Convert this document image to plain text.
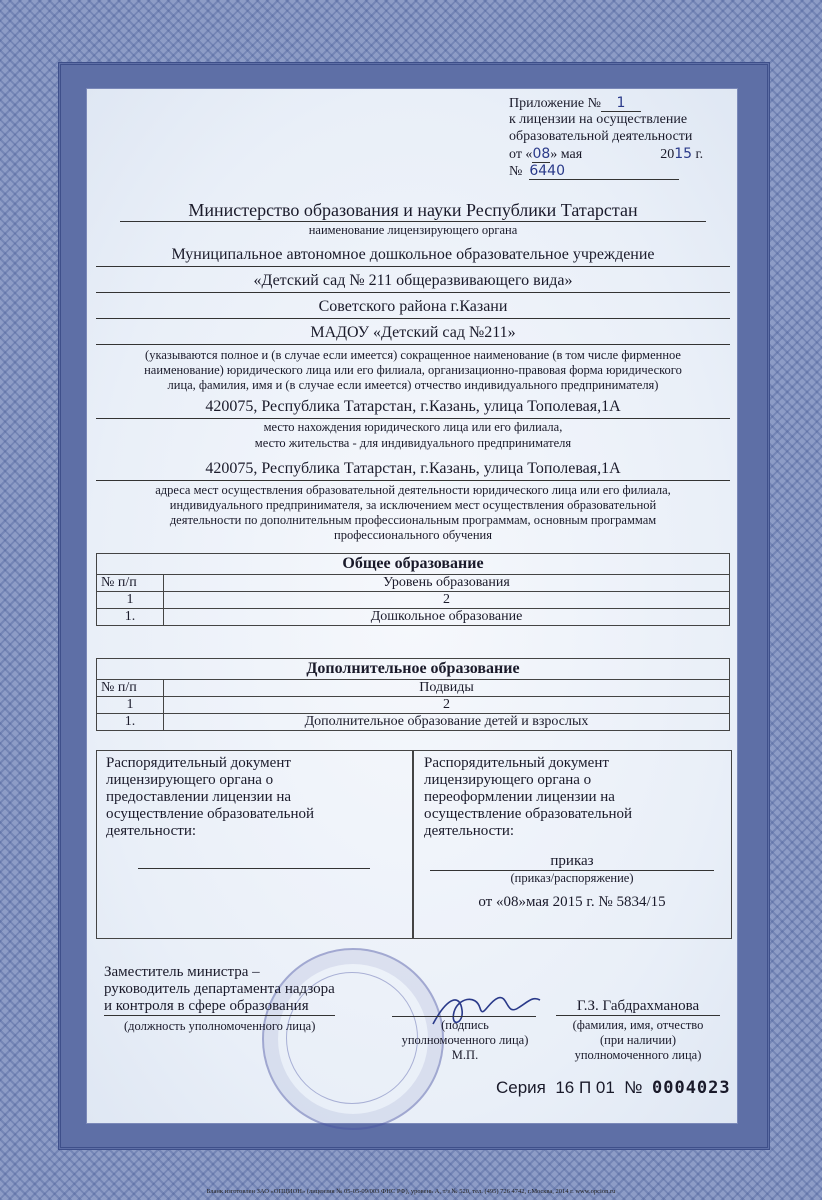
Приложение № 1
к лицензии на осуществление
образовательной деятельности
от «08» мая	2015 г.
№ 6440
Министерство образования и науки Республики Татарстан
наименование лицензирующего органа
Муниципальное автономное дошкольное образовательное учреждение
«Детский сад № 211 общеразвивающего вида»
Советского района г.Казани
МАДОУ «Детский сад №211»
(указываются полное и (в случае если имеется) сокращенное наименование (в том числе фирменное
наименование) юридического лица или его филиала, организационно-правовая форма юридического
лица, фамилия, имя и (в случае если имеется) отчество индивидуального предпринимателя)
420075, Республика Татарстан, г.Казань, улица Тополевая,1А
место нахождения юридического лица или его филиала,
место жительства - для индивидуального предпринимателя
420075, Республика Татарстан, г.Казань, улица Тополевая,1А
адреса мест осуществления образовательной деятельности юридического лица или его филиала,
индивидуального предпринимателя, за исключением мест осуществления образовательной
деятельности по дополнительным профессиональным программам, основным программам
профессионального обучения
Общее образование	
№ п/п	Уровень образования
1	2
1.	Дошкольное образование
Дополнительное образование	
№ п/п	Подвиды
1	2
1.	Дополнительное образование детей и взрослых
Распорядительный документ
лицензирующего органа о
предоставлении лицензии на
осуществление образовательной
деятельности:
Распорядительный документ
лицензирующего органа о
переоформлении лицензии на
осуществление образовательной
деятельности:
приказ
(приказ/распоряжение)
от «08»мая 2015 г. № 5834/15
Заместитель министра –
руководитель департамента надзора
и контроля в сфере образования
(должность уполномоченного лица)	(подпись
уполномоченного лица)
М.П.
Г.З. Габдрахманова
(фамилия, имя, отчество
(при наличии)
уполномоченного лица)
Серия 16 П 01 № 0004023
Бланк изготовлен ЗАО «ОПЦИОН» (лицензия № 05-05-09/003 ФНС РФ), уровень А, т/з № 520, тел. (495) 726 4742, г.Москва, 2014 г. www.opcion.ru
